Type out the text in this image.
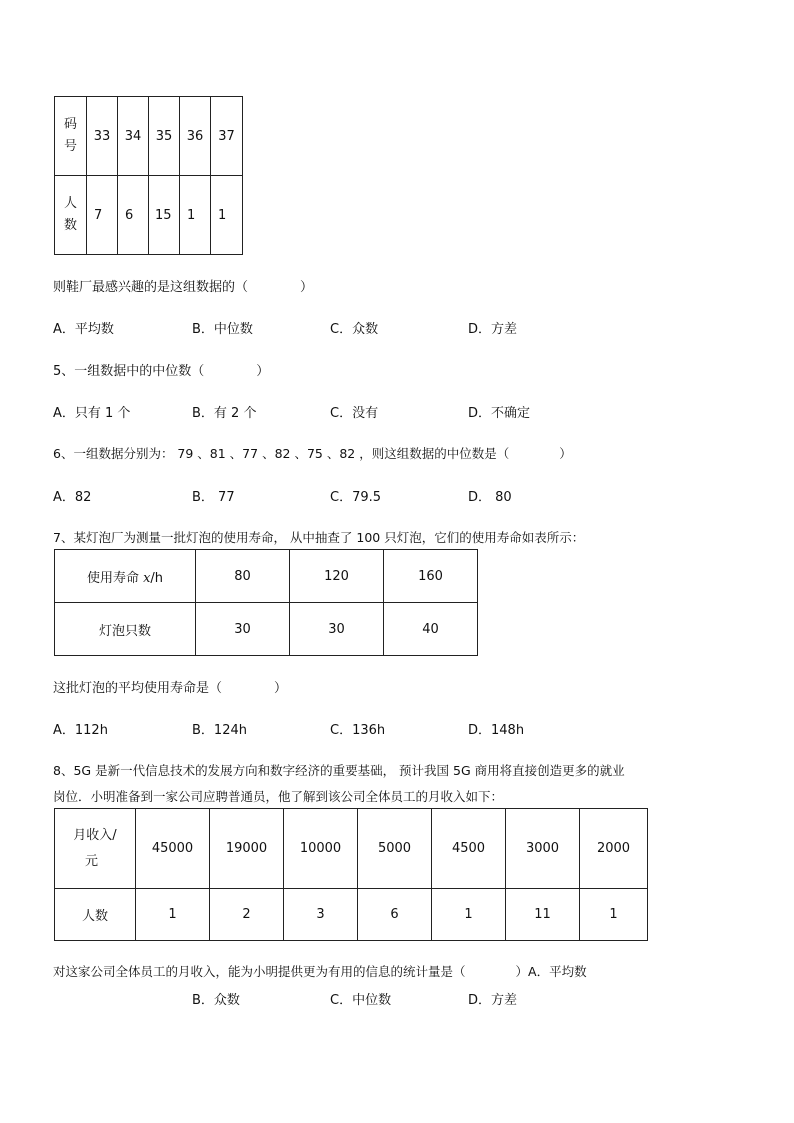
码号	33	34	35	36	37
人数	7	6	15	1	1
则鞋厂最感兴趣的是这组数据的（　　　　）
A．平均数	B．中位数	C．众数	D．方差
5、一组数据中的中位数（　　　　）
A．只有 1 个	B．有 2 个	C．没有	D．不确定
6、一组数据分别为： 79 、81 、77 、82 、75 、82 ，则这组数据的中位数是（　　　　）
A．82	B． 77	C．79.5	D． 80
7、某灯泡厂为测量一批灯泡的使用寿命， 从中抽查了 100 只灯泡，它们的使用寿命如表所示：
使用寿命 x/h	80	120	160
灯泡只数	30	30	40
这批灯泡的平均使用寿命是（　　　　）
A．112h	B．124h	C．136h	D．148h
8、5G 是新一代信息技术的发展方向和数字经济的重要基础， 预计我国 5G 商用将直接创造更多的就业
岗位．小明准备到一家公司应聘普通员，他了解到该公司全体员工的月收入如下：
月收入/
元	45000	19000	10000	5000	4500	3000	2000
人数	1	2	3	6	1	11	1
对这家公司全体员工的月收入，能为小明提供更为有用的信息的统计量是（　　　　）A．平均数
B．众数	C．中位数	D．方差
